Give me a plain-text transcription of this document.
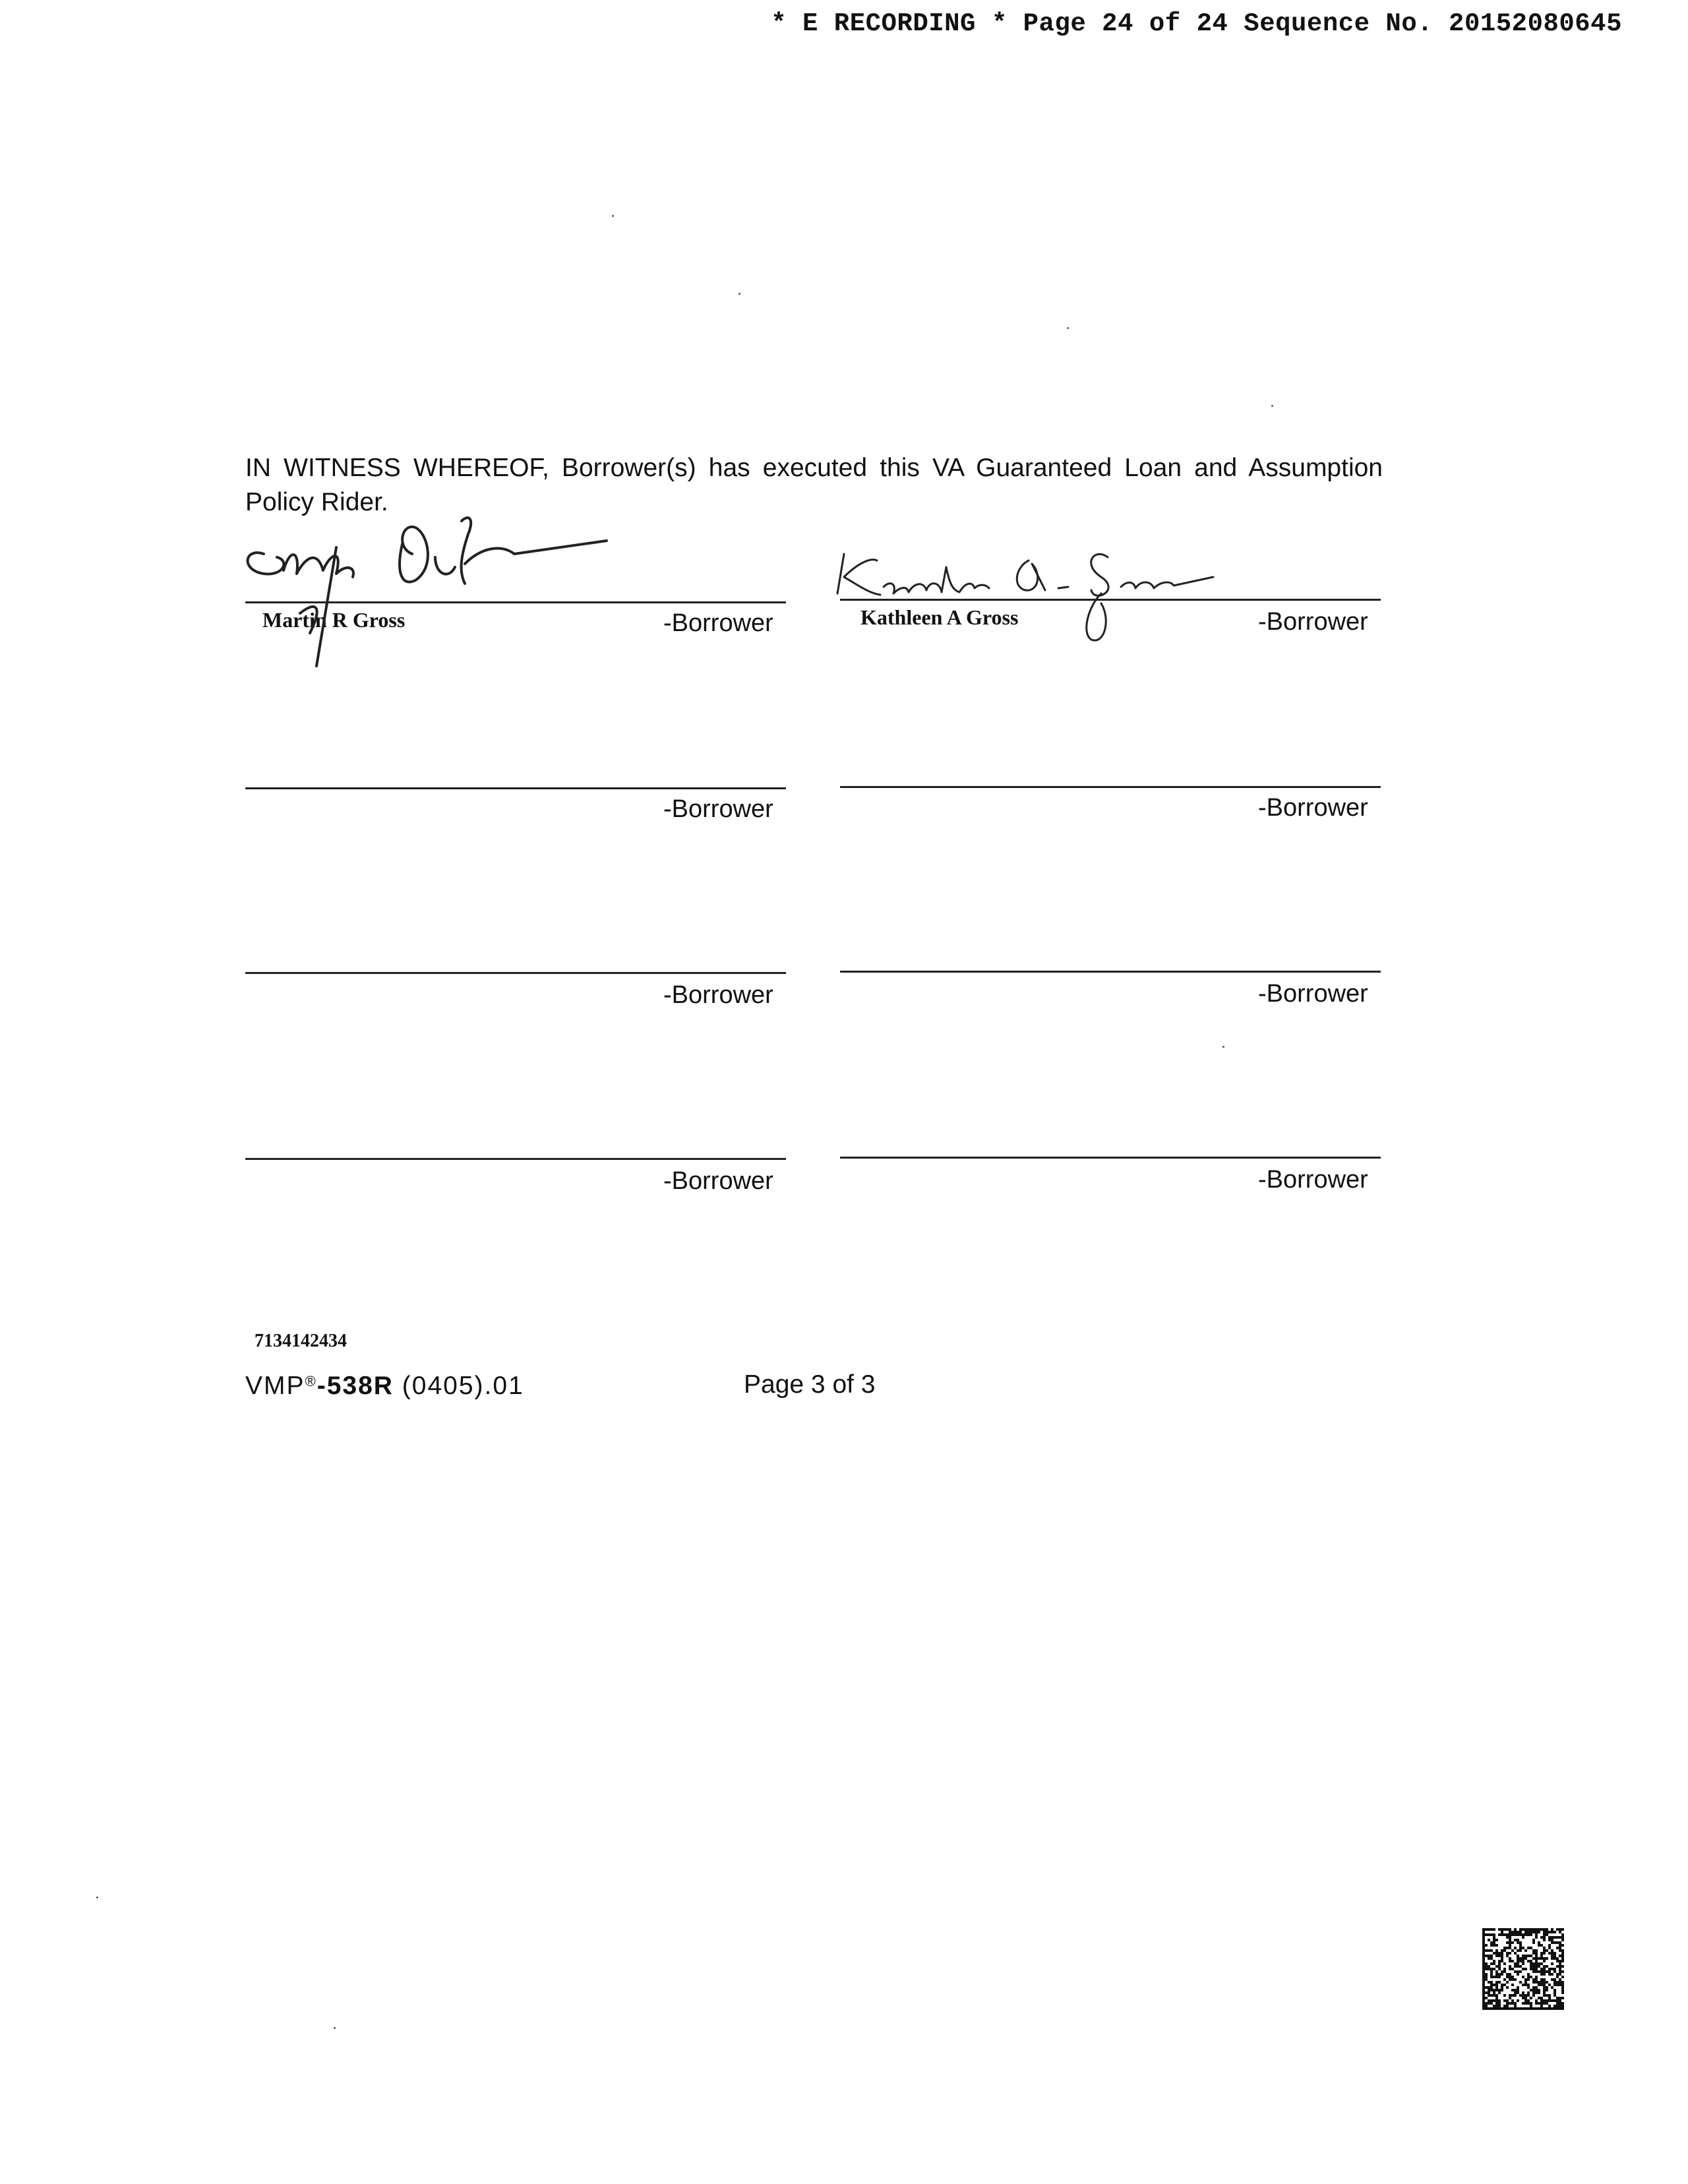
* E RECORDING * Page 24 of 24 Sequence No. 20152080645
IN WITNESS WHEREOF, Borrower(s) has executed this VA Guaranteed Loan and Assumption Policy Rider.
Martin R Gross	-Borrower	Kathleen A Gross	-Borrower
-Borrower	-Borrower
-Borrower	-Borrower
-Borrower	-Borrower
7134142434
VMP®-538R (0405).01	Page 3 of 3
